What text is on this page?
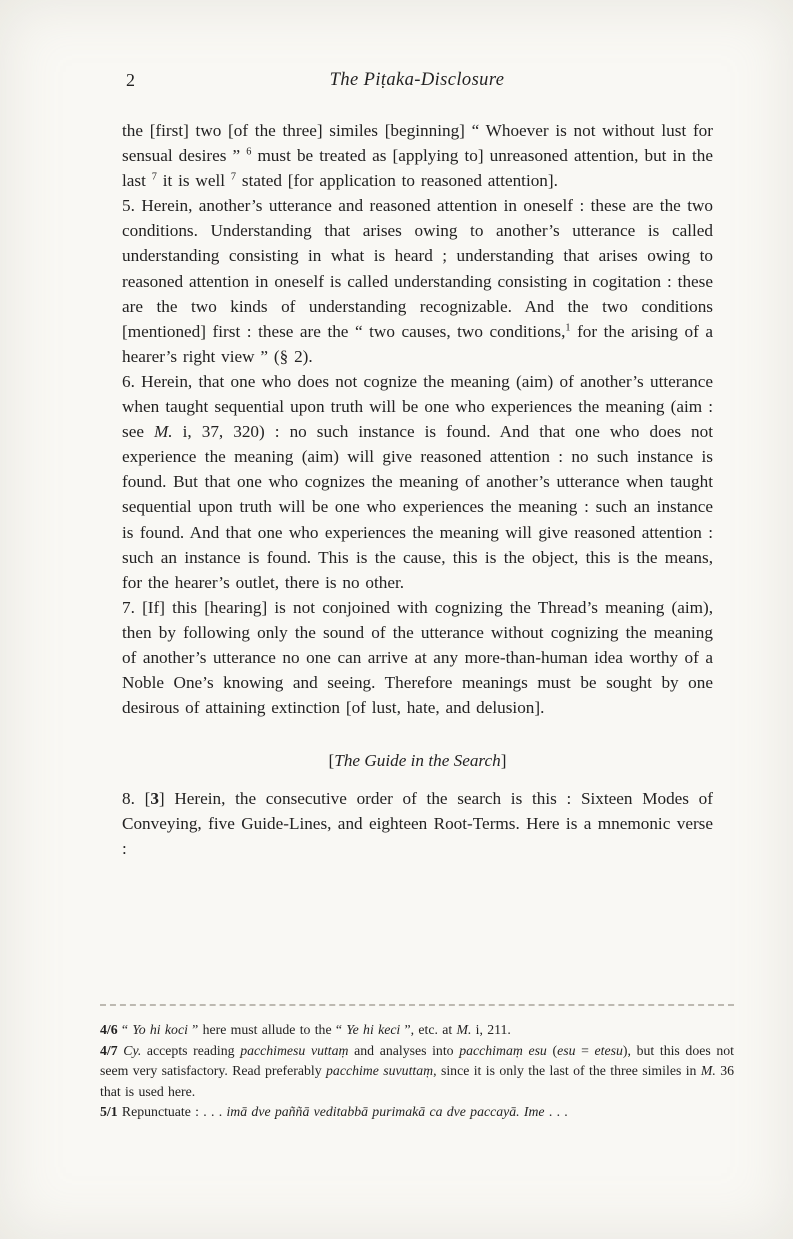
2	The Piṭaka-Disclosure

the [first] two [of the three] similes [beginning] “ Whoever is not without lust for sensual desires ” $^6$ must be treated as [applying to] unreasoned attention, but in the last $^7$ it is well $^7$ stated [for application to reasoned attention].

5. Herein, another’s utterance and reasoned attention in oneself : these are the two conditions. Understanding that arises owing to another’s utterance is called understanding consisting in what is heard ; understanding that arises owing to reasoned attention in oneself is called understanding consisting in cogitation : these are the two kinds of understanding recognizable. And the two conditions [mentioned] first : these are the “ two causes, two conditions,$^1$ for the arising of a hearer’s right view ” (§ 2).

6. Herein, that one who does not cognize the meaning (aim) of another’s utterance when taught sequential upon truth will be one who experiences the meaning (aim : see M. i, 37, 320) : no such instance is found. And that one who does not experience the meaning (aim) will give reasoned attention : no such instance is found. But that one who cognizes the meaning of another’s utterance when taught sequential upon truth will be one who experiences the meaning : such an instance is found. And that one who experiences the meaning will give reasoned attention : such an instance is found. This is the cause, this is the object, this is the means, for the hearer’s outlet, there is no other.

7. [If] this [hearing] is not conjoined with cognizing the Thread’s meaning (aim), then by following only the sound of the utterance without cognizing the meaning of another’s utterance no one can arrive at any more-than-human idea worthy of a Noble One’s knowing and seeing. Therefore meanings must be sought by one desirous of attaining extinction [of lust, hate, and delusion].

[The Guide in the Search]

8. [3] Herein, the consecutive order of the search is this : Sixteen Modes of Conveying, five Guide-Lines, and eighteen Root-Terms. Here is a mnemonic verse :

4/6 “ Yo hi koci ” here must allude to the “ Ye hi keci ”, etc. at M. i, 211.

4/7 Cy. accepts reading pacchimesu vuttaṃ and analyses into pacchimaṃ esu (esu = etesu), but this does not seem very satisfactory. Read preferably pacchime suvuttaṃ, since it is only the last of the three similes in M. 36 that is used here.

5/1 Repunctuate : . . . imā dve paññā veditabbā purimakā ca dve paccayā. Ime . . .
